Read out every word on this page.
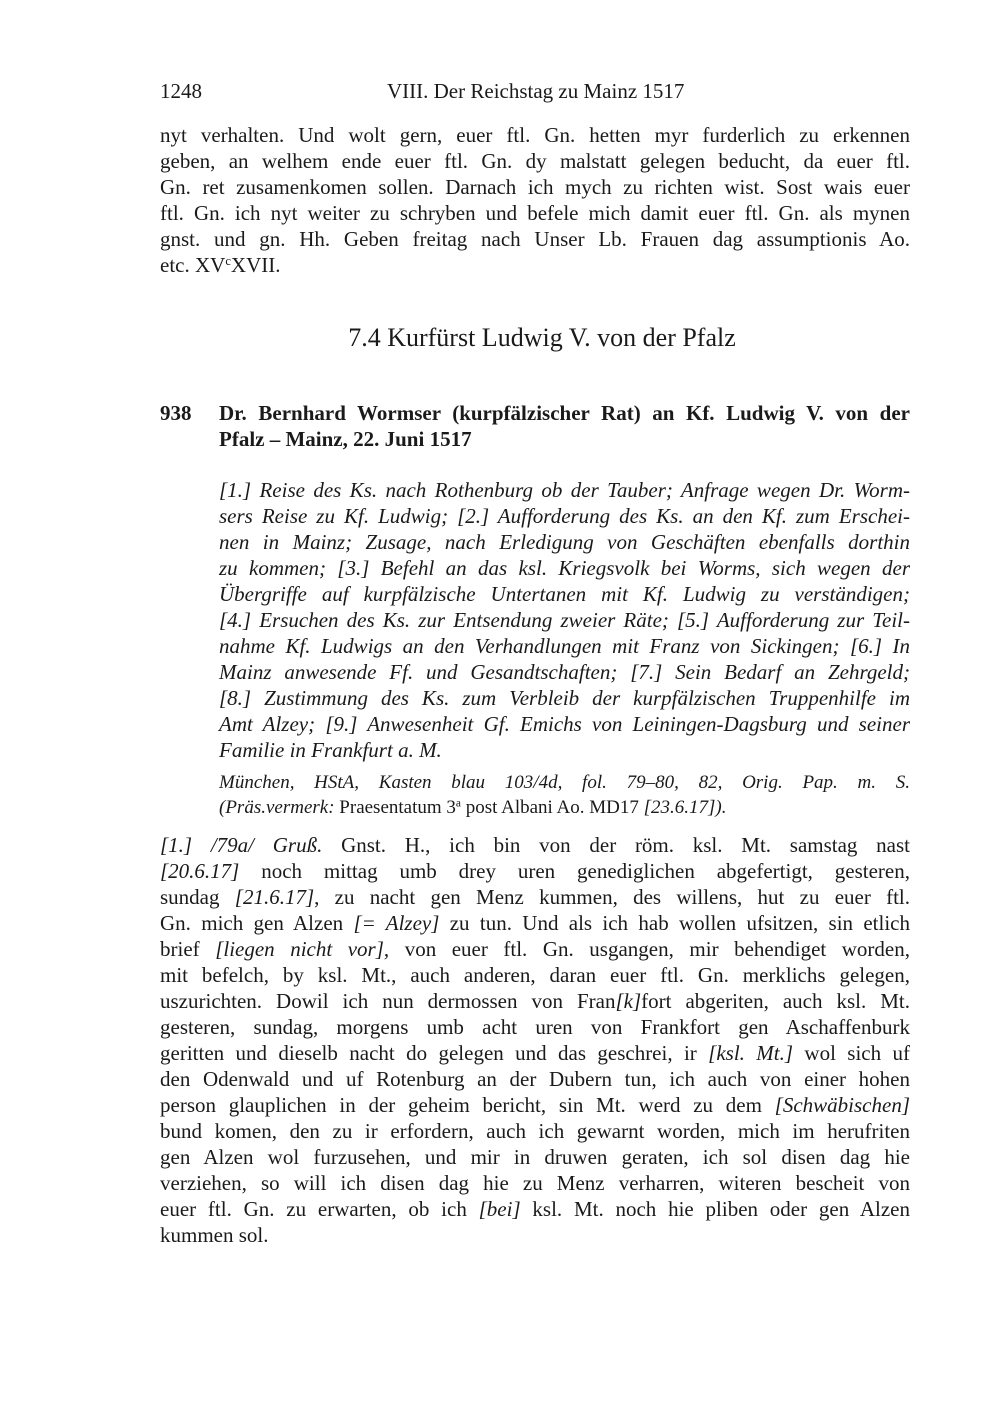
1248	VIII. Der Reichstag zu Mainz 1517
nyt verhalten. Und wolt gern, euer ftl. Gn. hetten myr furderlich zu erkennen
geben, an welhem ende euer ftl. Gn. dy malstatt gelegen beducht, da euer ftl.
Gn. ret zusamenkomen sollen. Darnach ich mych zu richten wist. Sost wais euer
ftl. Gn. ich nyt weiter zu schryben und befele mich damit euer ftl. Gn. als mynen
gnst. und gn. Hh. Geben freitag nach Unser Lb. Frauen dag assumptionis Ao.
etc. $XV^cXVII$.
7.4 Kurfürst Ludwig V. von der Pfalz
938 Dr. Bernhard Wormser (kurpfälzischer Rat) an Kf. Ludwig V. von der
Pfalz – Mainz, 22. Juni 1517
[1.] Reise des Ks. nach Rothenburg ob der Tauber; Anfrage wegen Dr. Worm-
sers Reise zu Kf. Ludwig; [2.] Aufforderung des Ks. an den Kf. zum Erschei-
nen in Mainz; Zusage, nach Erledigung von Geschäften ebenfalls dorthin
zu kommen; [3.] Befehl an das ksl. Kriegsvolk bei Worms, sich wegen der
Übergriffe auf kurpfälzische Untertanen mit Kf. Ludwig zu verständigen;
[4.] Ersuchen des Ks. zur Entsendung zweier Räte; [5.] Aufforderung zur Teil-
nahme Kf. Ludwigs an den Verhandlungen mit Franz von Sickingen; [6.] In
Mainz anwesende Ff. und Gesandtschaften; [7.] Sein Bedarf an Zehrgeld;
[8.] Zustimmung des Ks. zum Verbleib der kurpfälzischen Truppenhilfe im
Amt Alzey; [9.] Anwesenheit Gf. Emichs von Leiningen-Dagsburg und seiner
Familie in Frankfurt a. M.
München, HStA, Kasten blau 103/4d, fol. 79–80, 82, Orig. Pap. m. S.
(Präs.vermerk: Praesentatum 3$^a$ post Albani Ao. MD17 [23.6.17]).
[1.] /79a/ Gruß. Gnst. H., ich bin von der röm. ksl. Mt. samstag nast
[20.6.17] noch mittag umb drey uren genediglichen abgefertigt, gesteren,
sundag [21.6.17], zu nacht gen Menz kummen, des willens, hut zu euer ftl.
Gn. mich gen Alzen [= Alzey] zu tun. Und als ich hab wollen ufsitzen, sin etlich
brief [liegen nicht vor], von euer ftl. Gn. usgangen, mir behendiget worden,
mit befelch, by ksl. Mt., auch anderen, daran euer ftl. Gn. merklichs gelegen,
uszurichten. Dowil ich nun dermossen von Fran[k]fort abgeriten, auch ksl. Mt.
gesteren, sundag, morgens umb acht uren von Frankfort gen Aschaffenburk
geritten und dieselb nacht do gelegen und das geschrei, ir [ksl. Mt.] wol sich uf
den Odenwald und uf Rotenburg an der Dubern tun, ich auch von einer hohen
person glauplichen in der geheim bericht, sin Mt. werd zu dem [Schwäbischen]
bund komen, den zu ir erfordern, auch ich gewarnt worden, mich im herufriten
gen Alzen wol furzusehen, und mir in druwen geraten, ich sol disen dag hie
verziehen, so will ich disen dag hie zu Menz verharren, witeren bescheit von
euer ftl. Gn. zu erwarten, ob ich [bei] ksl. Mt. noch hie pliben oder gen Alzen
kummen sol.
